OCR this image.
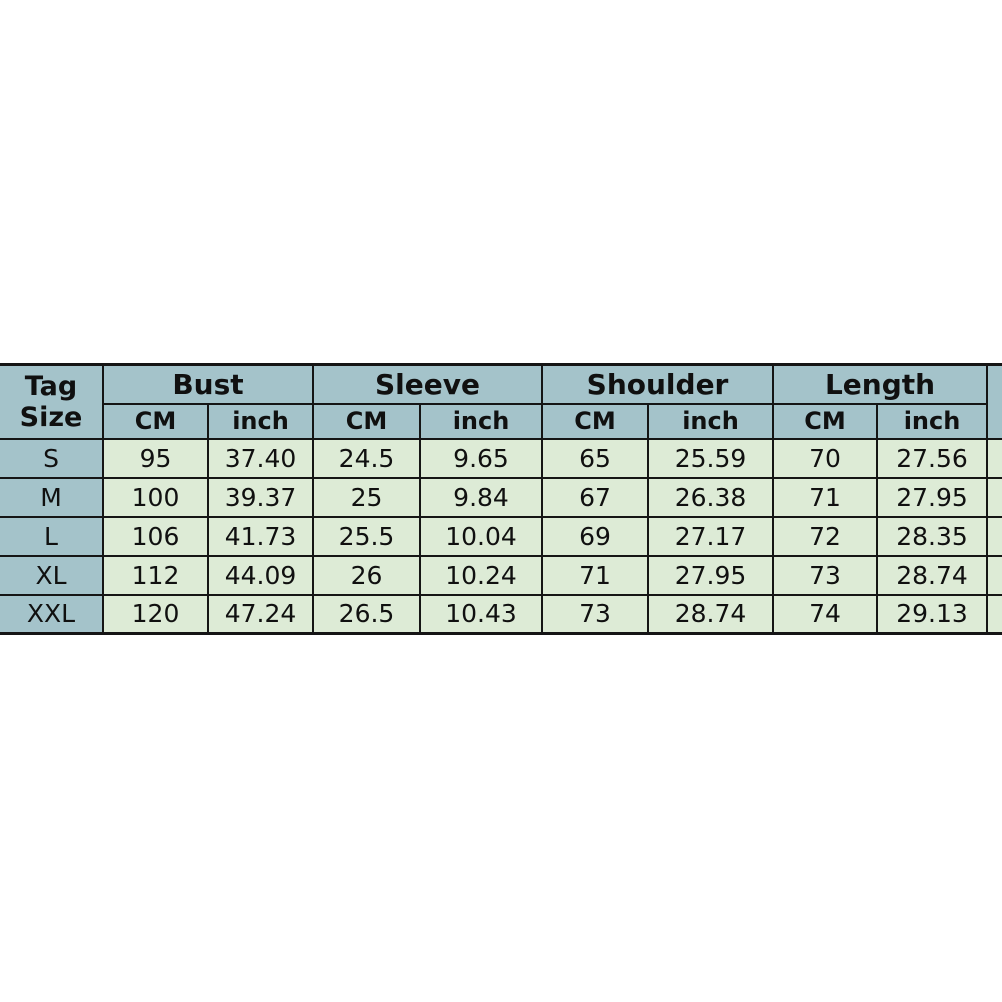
Tag
Size	Bust		Sleeve		Shoulder		Length		
	CM	inch	CM	inch	CM	inch	CM	inch	
S	95	37.40	24.5	9.65	65	25.59	70	27.56	
M	100	39.37	25	9.84	67	26.38	71	27.95	
L	106	41.73	25.5	10.04	69	27.17	72	28.35	
XL	112	44.09	26	10.24	71	27.95	73	28.74	
XXL	120	47.24	26.5	10.43	73	28.74	74	29.13	
